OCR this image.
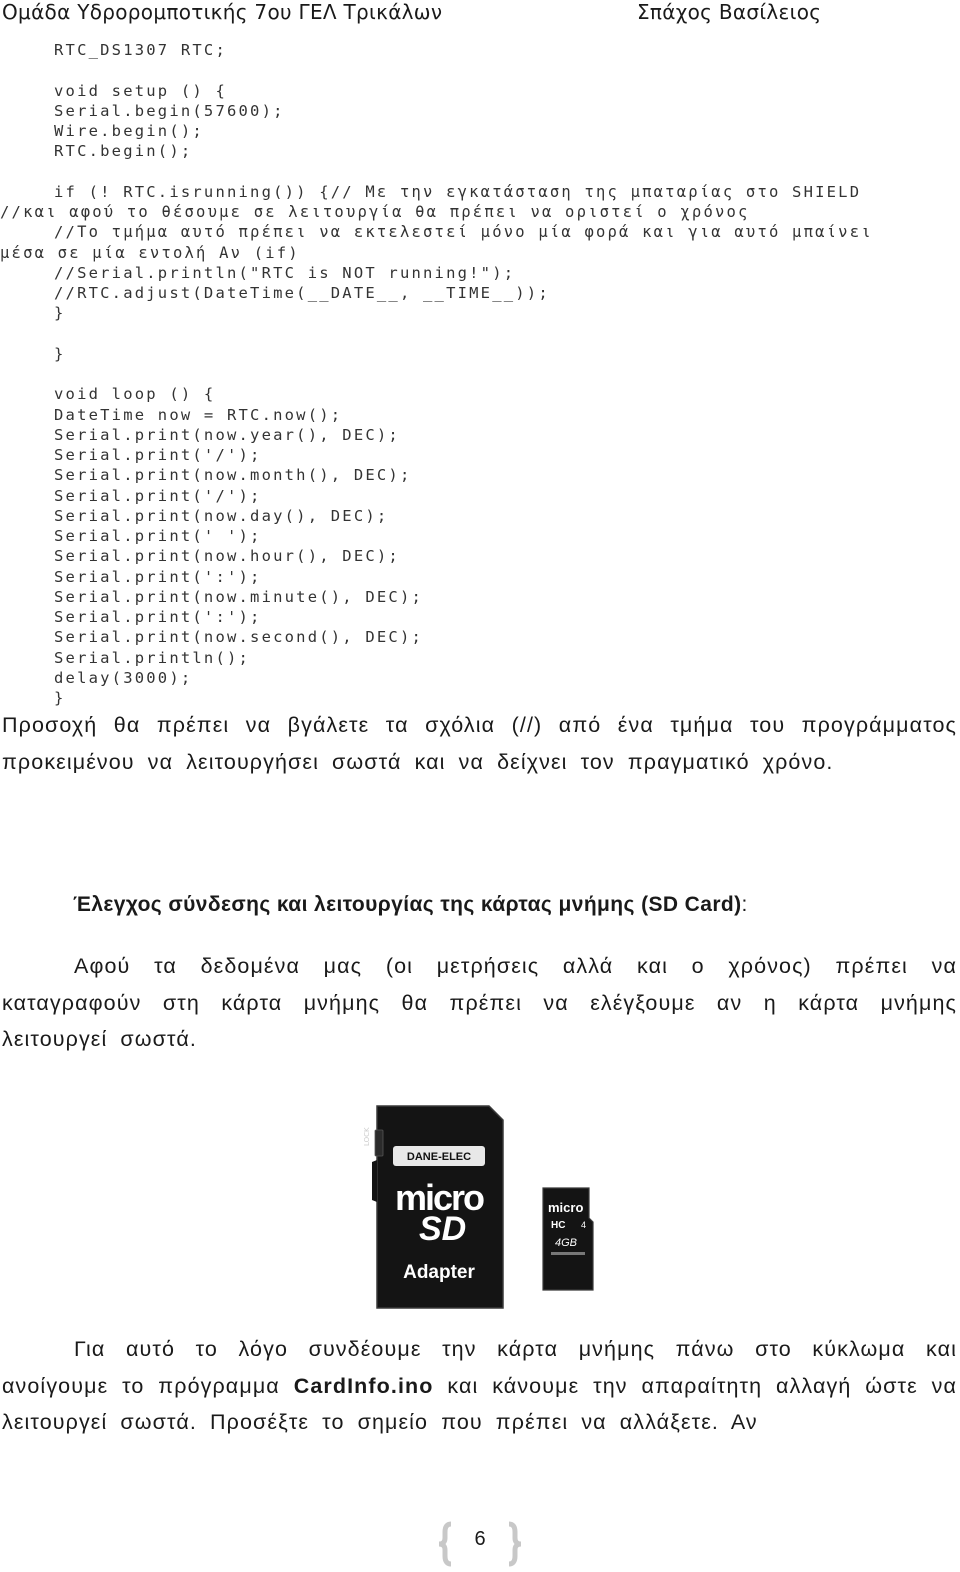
Ομάδα Υδρορομποτικής 7ου ΓΕΛ Τρικάλων	Σπάχος Βασίλειος
RTC_DS1307 RTC;
void setup () {
Serial.begin(57600);
Wire.begin();
RTC.begin();
if (! RTC.isrunning()) {// Με την εγκατάσταση της μπαταρίας στο SHIELD
//και αφού το θέσουμε σε λειτουργία θα πρέπει να οριστεί ο χρόνος
//Το τμήμα αυτό πρέπει να εκτελεστεί μόνο μία φορά και για αυτό μπαίνει
μέσα σε μία εντολή Αν (if)
//Serial.println("RTC is NOT running!");
//RTC.adjust(DateTime(__DATE__, __TIME__));
}
}
void loop () {
DateTime now = RTC.now();
Serial.print(now.year(), DEC);
Serial.print('/');
Serial.print(now.month(), DEC);
Serial.print('/');
Serial.print(now.day(), DEC);
Serial.print(' ');
Serial.print(now.hour(), DEC);
Serial.print(':');
Serial.print(now.minute(), DEC);
Serial.print(':');
Serial.print(now.second(), DEC);
Serial.println();
delay(3000);
}
Προσοχή θα πρέπει να βγάλετε τα σχόλια (//) από ένα τμήμα του προγράμματος προκειμένου να λειτουργήσει σωστά και να δείχνει τον πραγματικό χρόνο.
Έλεγχος σύνδεσης και λειτουργίας της κάρτας μνήμης (SD Card):
Αφού τα δεδομένα μας (οι μετρήσεις αλλά και ο χρόνος) πρέπει να καταγραφούν στη κάρτα μνήμης θα πρέπει να ελέγξουμε αν η κάρτα μνήμης λειτουργεί σωστά.
LOCK
DANE-ELEC
micro
SD
Adapter
micro
HC 4
4GB
Για αυτό το λόγο συνδέουμε την κάρτα μνήμης πάνω στο κύκλωμα και ανοίγουμε το πρόγραμμα CardInfo.ino και κάνουμε την απαραίτητη αλλαγή ώστε να λειτουργεί σωστά. Προσέξτε το σημείο που πρέπει να αλλάξετε. Αν
6
